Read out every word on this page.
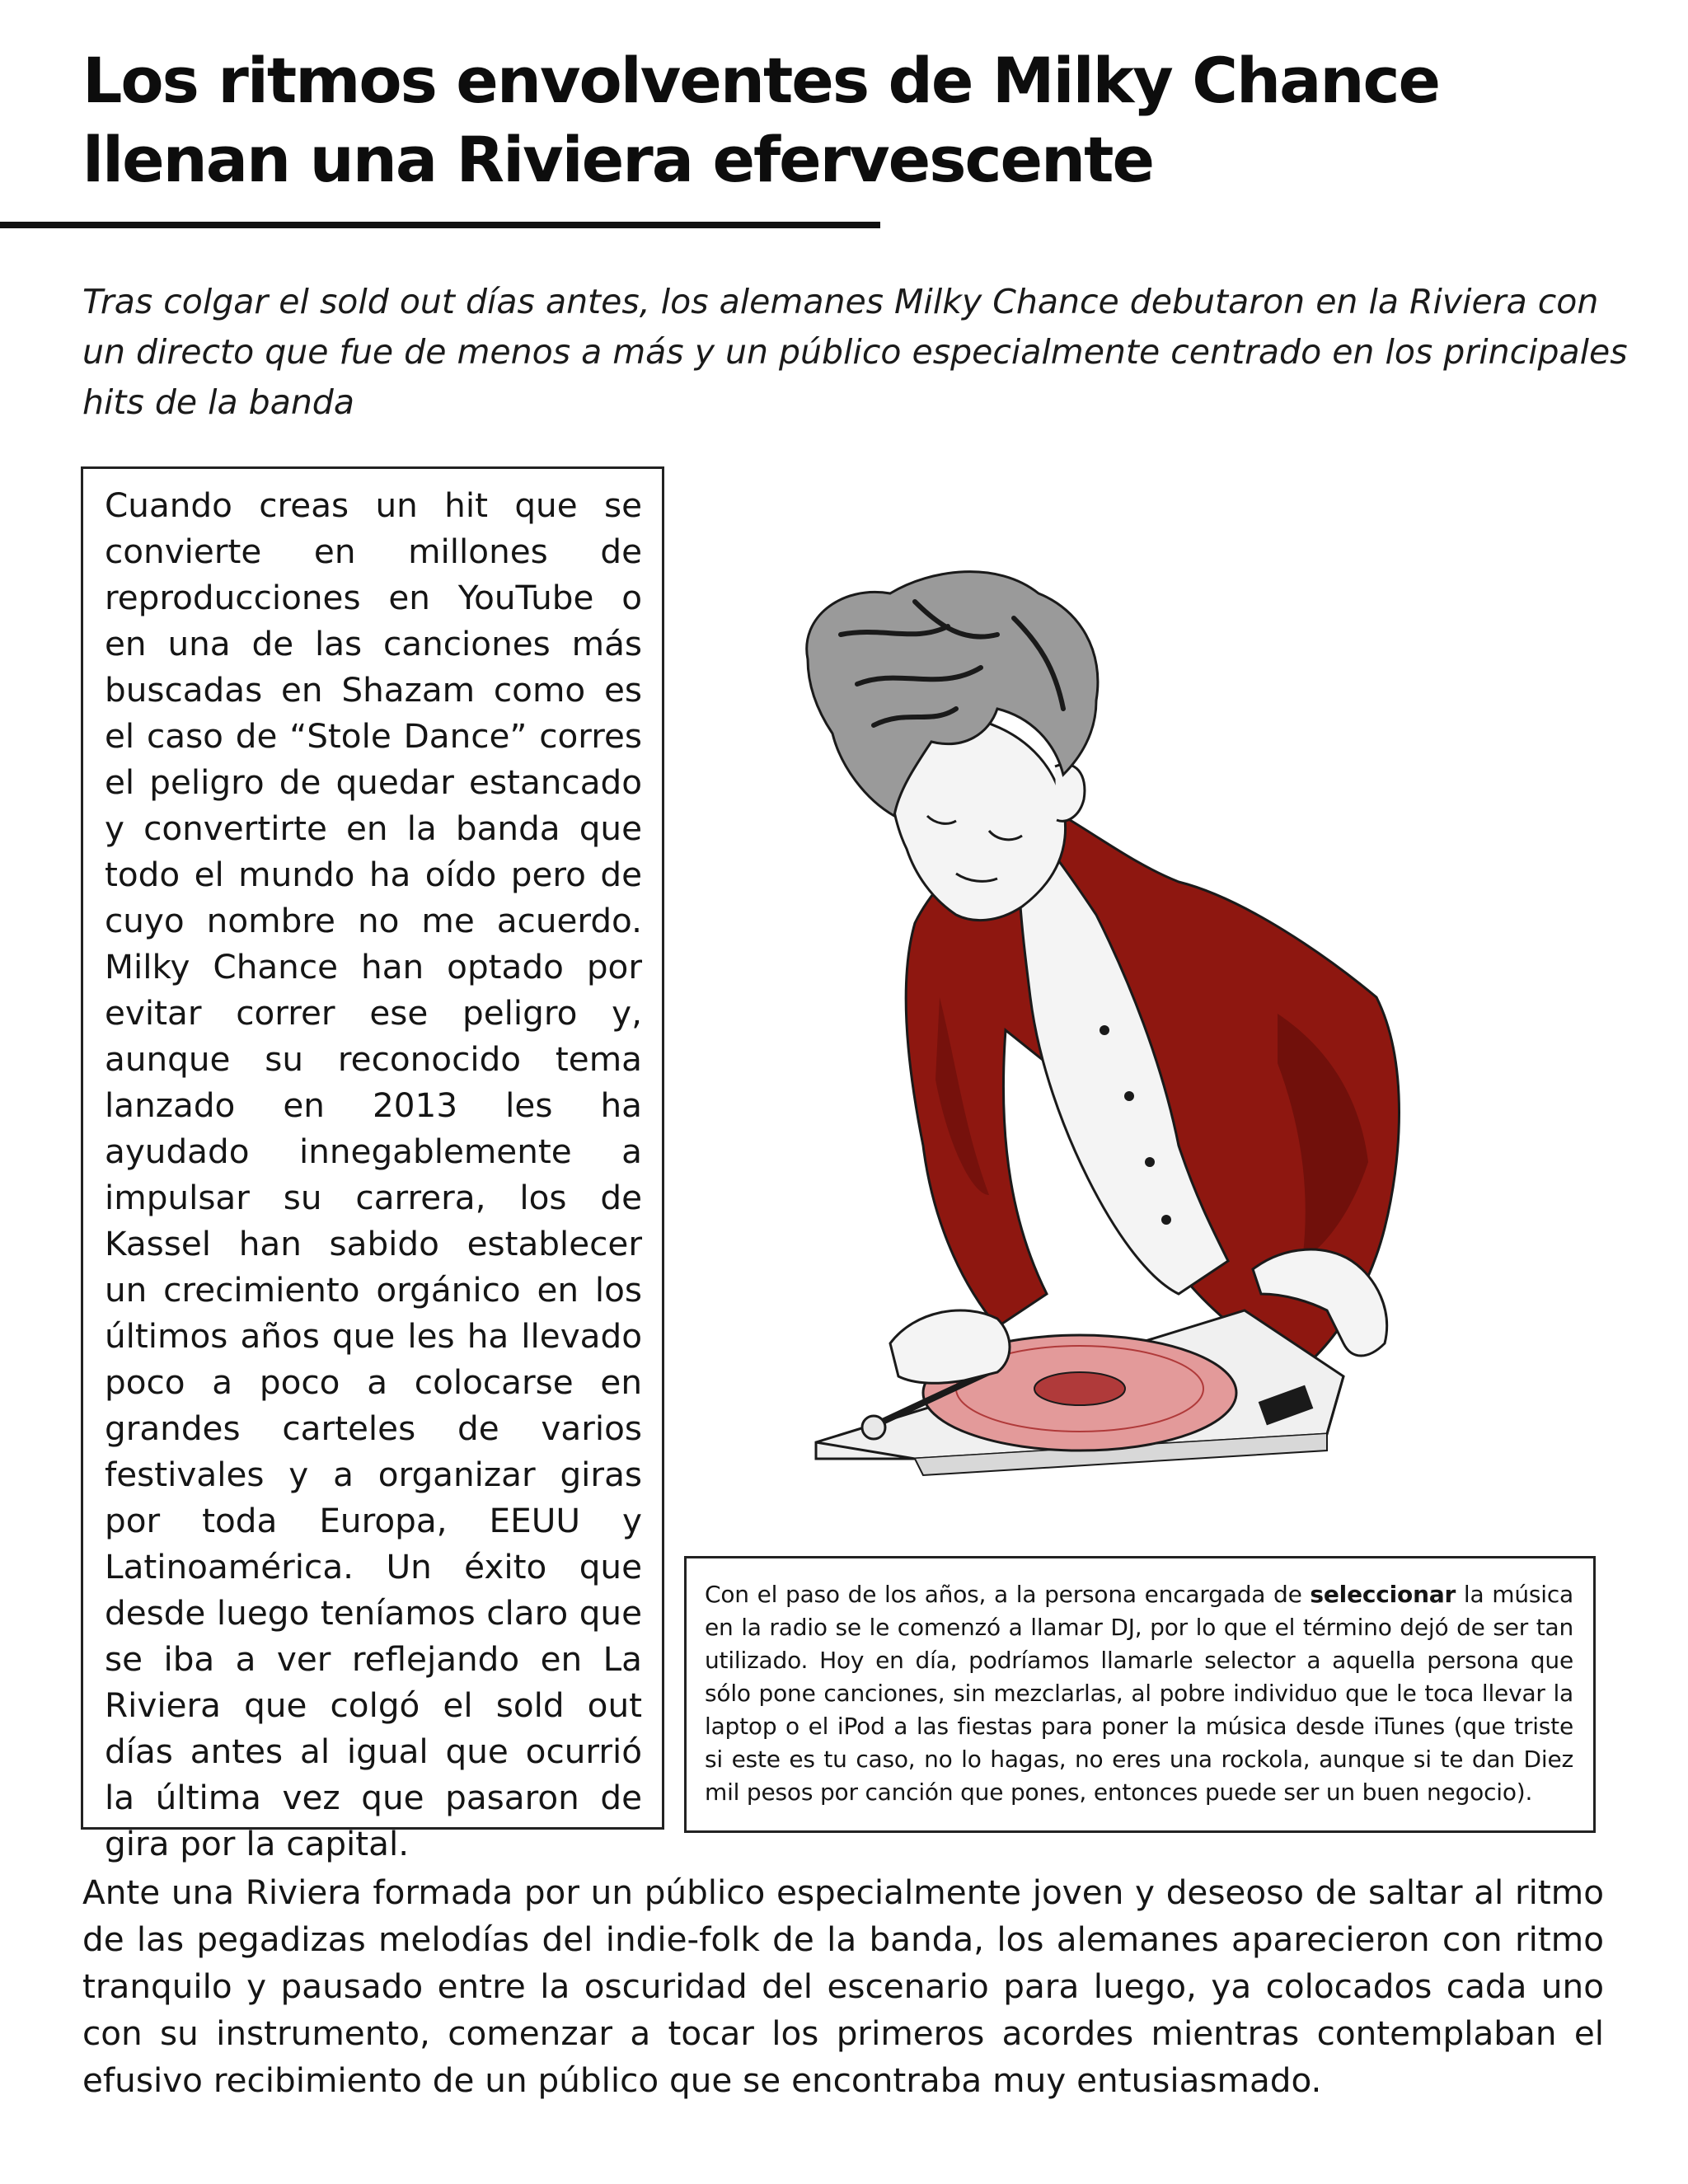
Los ritmos envolventes de Milky Chance llenan una Riviera efervescente

Tras colgar el sold out días antes, los alemanes Milky Chance debutaron en la Riviera con un directo que fue de menos a más y un público especialmente centrado en los principales hits de la banda

Cuando creas un hit que se convierte en millones de reproducciones en YouTube o en una de las canciones más buscadas en Shazam como es el caso de “Stole Dance” corres el peligro de quedar estancado y convertirte en la banda que todo el mundo ha oído pero de cuyo nombre no me acuerdo. Milky Chance han optado por evitar correr ese peligro y, aunque su reconocido tema lanzado en 2013 les ha ayudado innegablemente a impulsar su carrera, los de Kassel han sabido establecer un crecimiento orgánico en los últimos años que les ha llevado poco a poco a colocarse en grandes carteles de varios festivales y a organizar giras por toda Europa, EEUU y Latinoamérica. Un éxito que desde luego teníamos claro que se iba a ver reflejando en La Riviera que colgó el sold out días antes al igual que ocurrió la última vez que pasaron de gira por la capital.

Con el paso de los años, a la persona encargada de seleccionar la música en la radio se le comenzó a llamar DJ, por lo que el término dejó de ser tan utilizado. Hoy en día, podríamos llamarle selector a aquella persona que sólo pone canciones, sin mezclarlas, al pobre individuo que le toca llevar la laptop o el iPod a las fiestas para poner la música desde iTunes (que triste si este es tu caso, no lo hagas, no eres una rockola, aunque si te dan Diez mil pesos por canción que pones, entonces puede ser un buen negocio).

Ante una Riviera formada por un público especialmente joven y deseoso de saltar al ritmo de las pegadizas melodías del indie-folk de la banda, los alemanes aparecieron con ritmo tranquilo y pausado entre la oscuridad del escenario para luego, ya colocados cada uno con su instrumento, comenzar a tocar los primeros acordes mientras contemplaban el efusivo recibimiento de un público que se encontraba muy entusiasmado.
